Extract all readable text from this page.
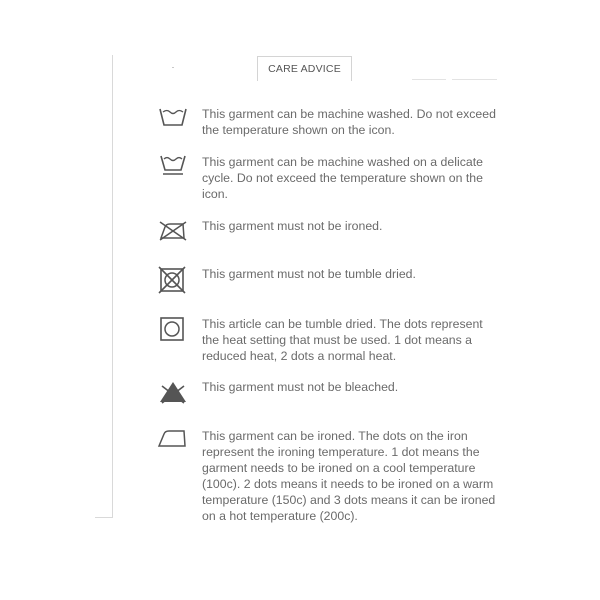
CARE ADVICE
This garment can be machine washed. Do not exceed the temperature shown on the icon.
This garment can be machine washed on a delicate cycle. Do not exceed the temperature shown on the icon.
This garment must not be ironed.
This garment must not be tumble dried.
This article can be tumble dried. The dots represent the heat setting that must be used. 1 dot means a reduced heat, 2 dots a normal heat.
This garment must not be bleached.
This garment can be ironed. The dots on the iron represent the ironing temperature. 1 dot means the garment needs to be ironed on a cool temperature (100c). 2 dots means it needs to be ironed on a warm temperature (150c) and 3 dots means it can be ironed on a hot temperature (200c).
